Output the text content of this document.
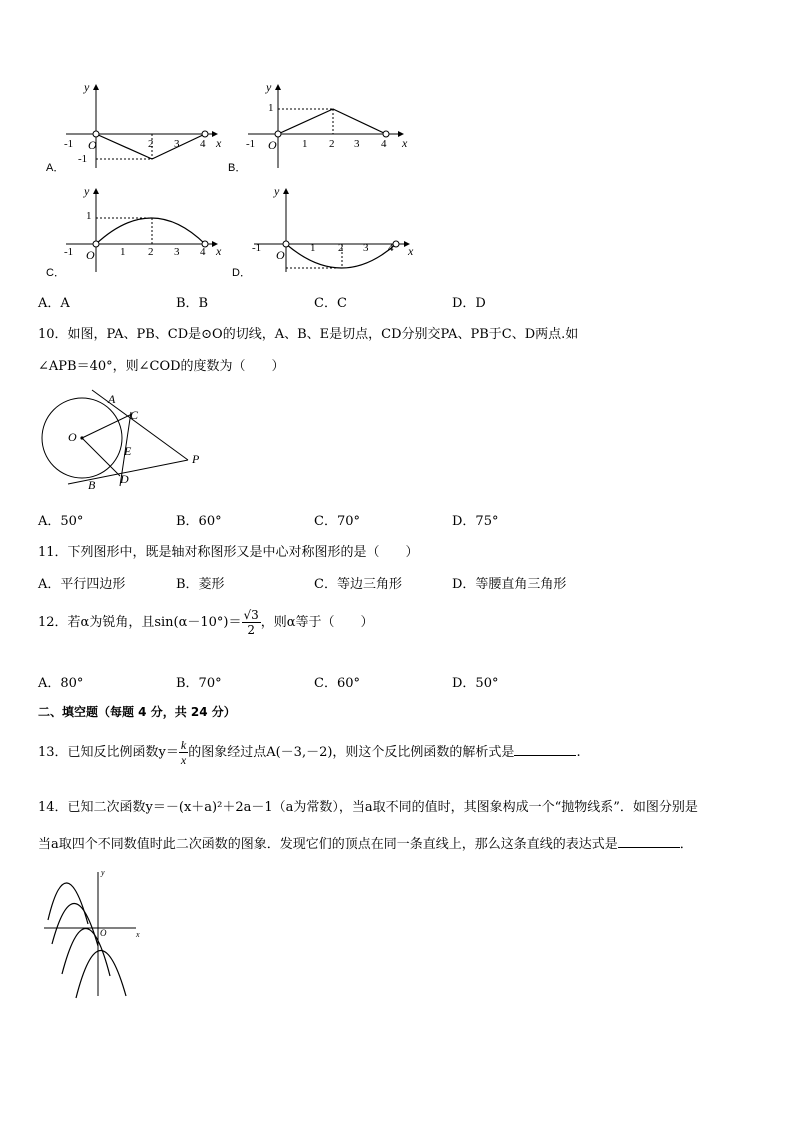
y
x
-1 O	2 3 4
-1
A．
y
x
1
-1 O 1 2 3 4
B．
y
x
1
-1 O 1 2 3 4
C．
y
x
-1 O 1 2 3 4
D．
A．A	B．B	C．C	D．D
10．如图，PA、PB、CD是⊙O的切线，A、B、E是切点，CD分别交PA、PB于C、D两点.如
∠APB＝40°，则∠COD的度数为（　　）
A
C
O
E
P
B D
A．50°	B．60°	C．70°	D．75°
11．下列图形中，既是轴对称图形又是中心对称图形的是（　　）
A．平行四边形	B．菱形	C．等边三角形	D．等腰直角三角形
12．若α为锐角，且$\sin(\alpha-10^\circ)= \frac{√3}{2}$ ，则α等于（　　）
A．80°	B．70°	C．60°	D．50°
二、填空题（每题 4 分，共 24 分）
13．已知反比例函数$y= \frac{k}{x}$ 的图象经过点A(－3,－2)，则这个反比例函数的解析式是	.
14．已知二次函数y＝－(x＋a)²＋2a－1（a为常数），当a取不同的值时，其图象构成一个“抛物线系”．如图分别是
当a取四个不同数值时此二次函数的图象．发现它们的顶点在同一条直线上，那么这条直线的表达式是	．
y
x
O
